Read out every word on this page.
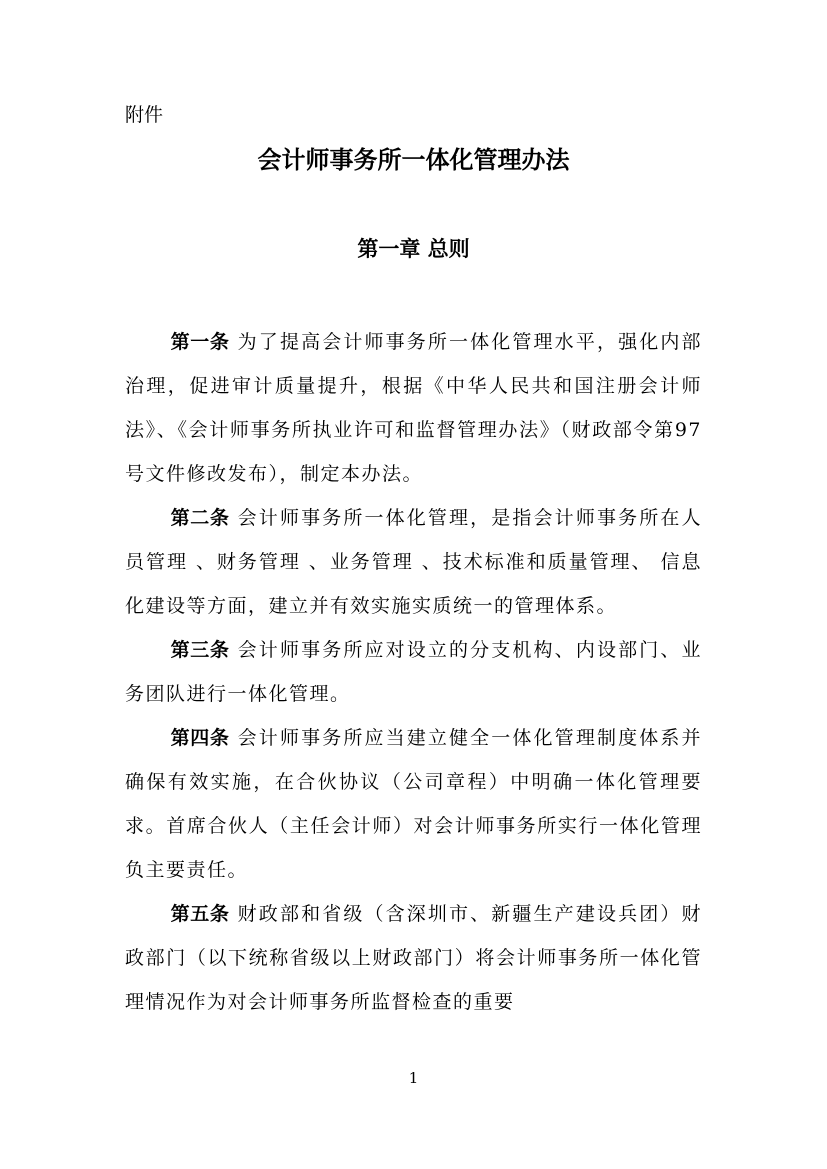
附件
会计师事务所一体化管理办法
第一章 总则

第一条 为了提高会计师事务所一体化管理水平，强化内部治理，促进审计质量提升，根据《中华人民共和国注册会计师法》、《会计师事务所执业许可和监督管理办法》（财政部令第97号文件修改发布），制定本办法。

第二条 会计师事务所一体化管理，是指会计师事务所在人员管理 、财务管理 、业务管理 、技术标准和质量管理、 信息化建设等方面，建立并有效实施实质统一的管理体系。

第三条 会计师事务所应对设立的分支机构、内设部门、业务团队进行一体化管理。

第四条 会计师事务所应当建立健全一体化管理制度体系并确保有效实施，在合伙协议（公司章程）中明确一体化管理要求。首席合伙人（主任会计师）对会计师事务所实行一体化管理负主要责任。

第五条 财政部和省级（含深圳市、新疆生产建设兵团）财政部门（以下统称省级以上财政部门）将会计师事务所一体化管理情况作为对会计师事务所监督检查的重要

1
